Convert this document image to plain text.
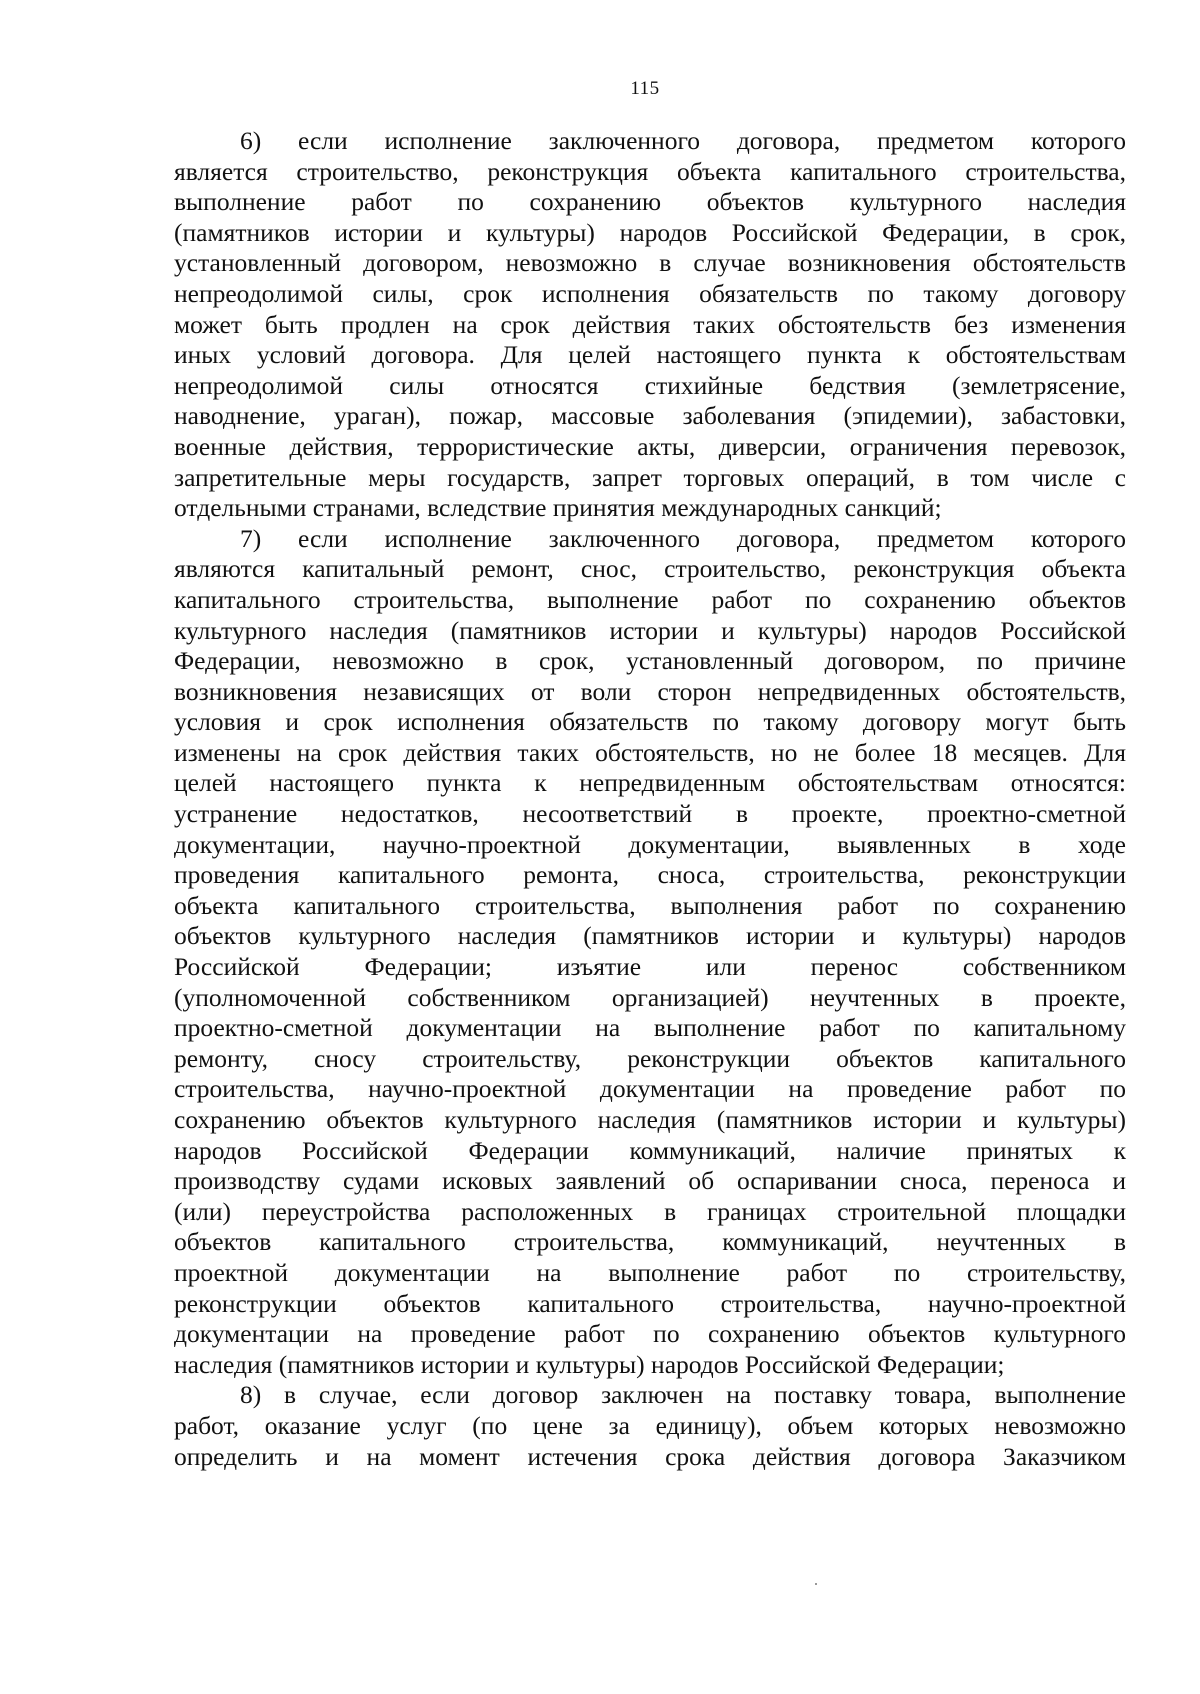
115
6) если исполнение заключенного договора, предметом которого
является строительство, реконструкция объекта капитального строительства,
выполнение работ по сохранению объектов культурного наследия
(памятников истории и культуры) народов Российской Федерации, в срок,
установленный договором, невозможно в случае возникновения обстоятельств
непреодолимой силы, срок исполнения обязательств по такому договору
может быть продлен на срок действия таких обстоятельств без изменения
иных условий договора. Для целей настоящего пункта к обстоятельствам
непреодолимой силы относятся стихийные бедствия (землетрясение,
наводнение, ураган), пожар, массовые заболевания (эпидемии), забастовки,
военные действия, террористические акты, диверсии, ограничения перевозок,
запретительные меры государств, запрет торговых операций, в том числе с
отдельными странами, вследствие принятия международных санкций;
7) если исполнение заключенного договора, предметом которого
являются капитальный ремонт, снос, строительство, реконструкция объекта
капитального строительства, выполнение работ по сохранению объектов
культурного наследия (памятников истории и культуры) народов Российской
Федерации, невозможно в срок, установленный договором, по причине
возникновения независящих от воли сторон непредвиденных обстоятельств,
условия и срок исполнения обязательств по такому договору могут быть
изменены на срок действия таких обстоятельств, но не более 18 месяцев. Для
целей настоящего пункта к непредвиденным обстоятельствам относятся:
устранение недостатков, несоответствий в проекте, проектно-сметной
документации, научно-проектной документации, выявленных в ходе
проведения капитального ремонта, сноса, строительства, реконструкции
объекта капитального строительства, выполнения работ по сохранению
объектов культурного наследия (памятников истории и культуры) народов
Российской Федерации; изъятие или перенос собственником
(уполномоченной собственником организацией) неучтенных в проекте,
проектно-сметной документации на выполнение работ по капитальному
ремонту, сносу строительству, реконструкции объектов капитального
строительства, научно-проектной документации на проведение работ по
сохранению объектов культурного наследия (памятников истории и культуры)
народов Российской Федерации коммуникаций, наличие принятых к
производству судами исковых заявлений об оспаривании сноса, переноса и
(или) переустройства расположенных в границах строительной площадки
объектов капитального строительства, коммуникаций, неучтенных в
проектной документации на выполнение работ по строительству,
реконструкции объектов капитального строительства, научно-проектной
документации на проведение работ по сохранению объектов культурного
наследия (памятников истории и культуры) народов Российской Федерации;
8) в случае, если договор заключен на поставку товара, выполнение
работ, оказание услуг (по цене за единицу), объем которых невозможно
определить и на момент истечения срока действия договора Заказчиком
